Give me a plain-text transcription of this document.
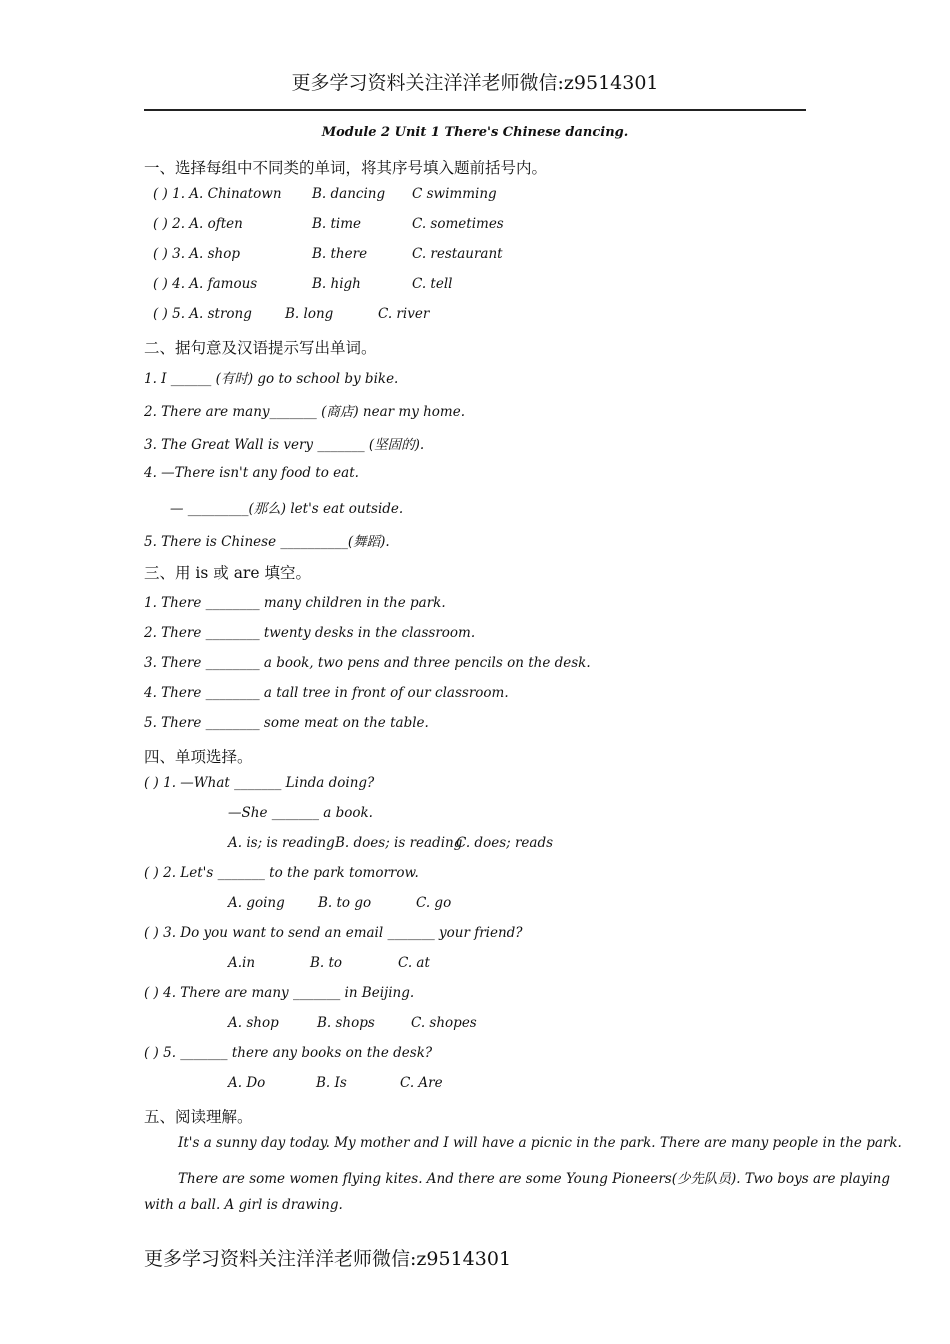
更多学习资料关注洋洋老师微信:z9514301
Module 2 Unit 1 There's Chinese dancing.
一、选择每组中不同类的单词，将其序号填入题前括号内。
( ) 1. A. Chinatown B. dancing C swimming
( ) 2. A. often	B. time	C. sometimes
( ) 3. A. shop	B. there	C. restaurant
( ) 4. A. famous	B. high	C. tell
( ) 5. A. strong B. long	C. river
二、据句意及汉语提示写出单词。
1. I ______ (有时) go to school by bike.
2. There are many_______ (商店) near my home.
3. The Great Wall is very _______ (坚固的).
4. —There isn't any food to eat.
— _________(那么) let's eat outside.
5. There is Chinese __________(舞蹈).
三、用 is 或 are 填空。
1. There ________ many children in the park.
2. There ________ twenty desks in the classroom.
3. There ________ a book, two pens and three pencils on the desk.
4. There ________ a tall tree in front of our classroom.
5. There ________ some meat on the table.
四、单项选择。
( ) 1. —What _______ Linda doing?
—She _______ a book.
A. is; is reading B. does; is reading
C. does; reads
( ) 2. Let's _______ to the park tomorrow.
A. going B. to go	C. go
( ) 3. Do you want to send an email _______ your friend?
A.in	B. to	C. at
( ) 4. There are many _______ in Beijing.
A. shop	B. shops	C. shopes
( ) 5. _______ there any books on the desk?
A. Do	B. Is	C. Are
五、阅读理解。
It's a sunny day today. My mother and I will have a picnic in the park. There are many people in the park.
There are some women flying kites. And there are some Young Pioneers(少先队员). Two boys are playing
with a ball. A girl is drawing.
更多学习资料关注洋洋老师微信:z9514301
